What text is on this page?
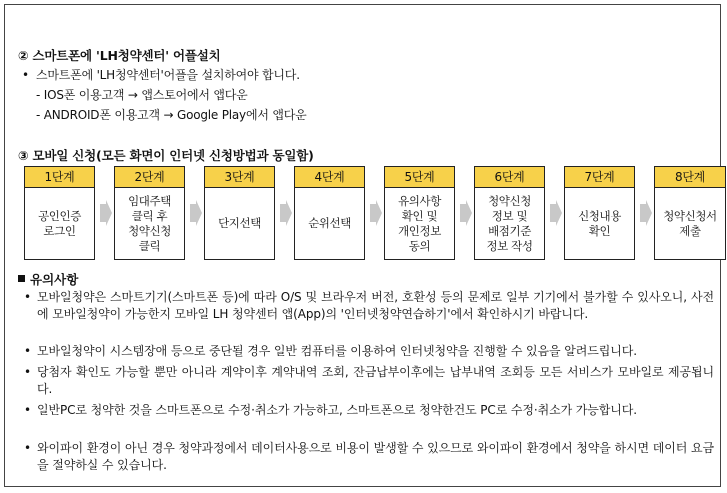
② 스마트폰에 'LH청약센터' 어플설치
• 스마트폰에 'LH청약센터'어플을 설치하여야 합니다.
- IOS폰 이용고객 → 앱스토어에서 앱다운
- ANDROID폰 이용고객 → Google Play에서 앱다운
③ 모바일 신청(모든 화면이 인터넷 신청방법과 동일함)
1단계
공인인증
로그인
2단계
임대주택
클릭 후
청약신청
클릭
3단계
단지선택
4단계
순위선택
5단계
유의사항
확인 및
개인정보
동의
6단계
청약신청
정보 및
배점기준
정보 작성
7단계
신청내용
확인
8단계
청약신청서
제출
유의사항
• 모바일청약은 스마트기기(스마트폰 등)에 따라 O/S 및 브라우저 버전, 호환성 등의 문제로 일부 기기에서 불가할 수 있사오니, 사전에 모바일청약이 가능한지 모바일 LH 청약센터 앱(App)의 '인터넷청약연습하기'에서 확인하시기 바랍니다.
• 모바일청약이 시스템장애 등으로 중단될 경우 일반 컴퓨터를 이용하여 인터넷청약을 진행할 수 있음을 알려드립니다.
• 당첨자 확인도 가능할 뿐만 아니라 계약이후 계약내역 조회, 잔금납부이후에는 납부내역 조회등 모든 서비스가 모바일로 제공됩니다.
• 일반PC로 청약한 것을 스마트폰으로 수정·취소가 가능하고, 스마트폰으로 청약한건도 PC로 수정·취소가 가능합니다.
• 와이파이 환경이 아닌 경우 청약과정에서 데이터사용으로 비용이 발생할 수 있으므로 와이파이 환경에서 청약을 하시면 데이터 요금을 절약하실 수 있습니다.
